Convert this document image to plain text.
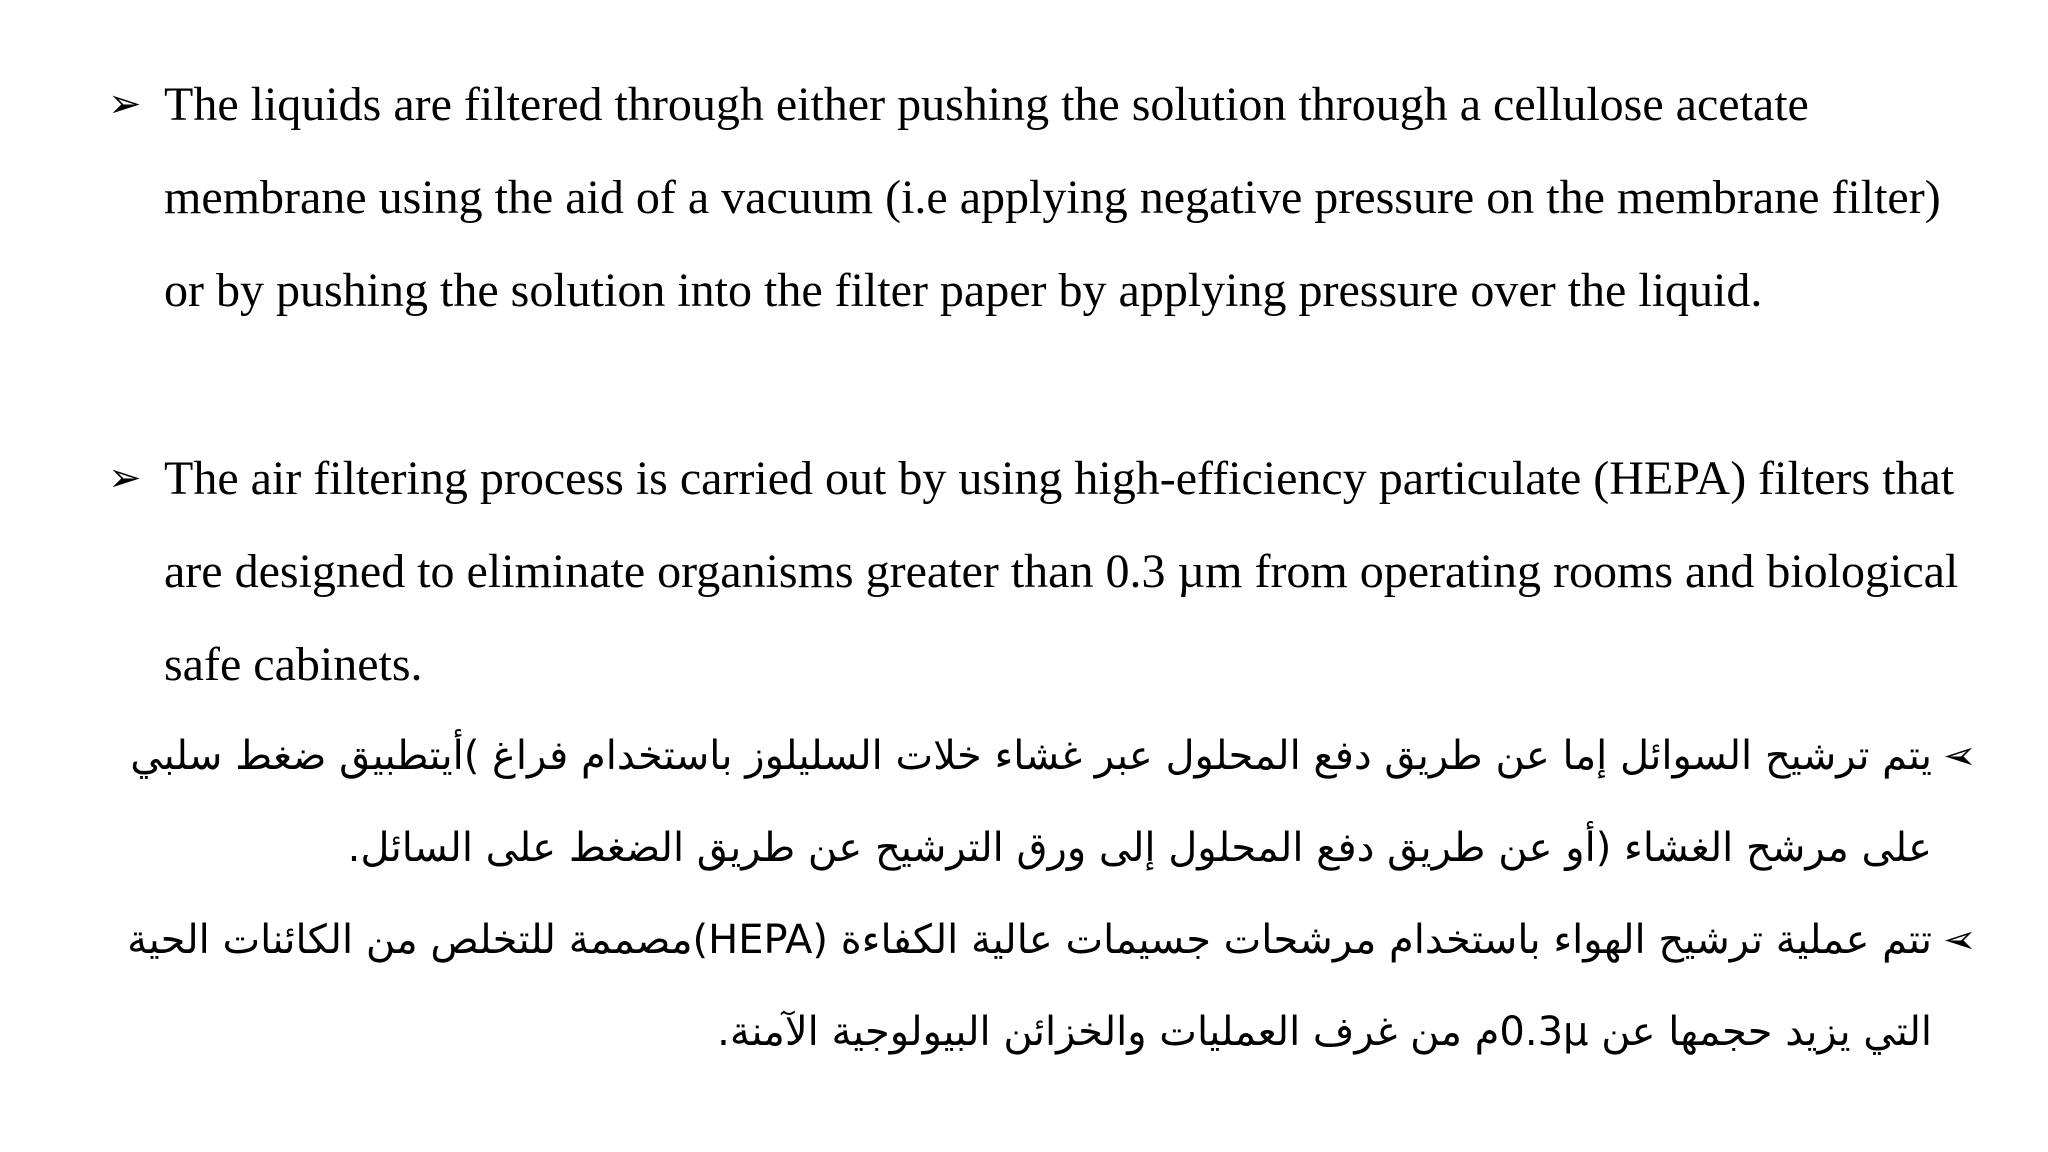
➢ The liquids are filtered through either pushing the solution through a cellulose acetate membrane using the aid of a vacuum (i.e applying negative pressure on the membrane filter) or by pushing the solution into the filter paper by applying pressure over the liquid.
➢ The air filtering process is carried out by using high-efficiency particulate (HEPA) filters that are designed to eliminate organisms greater than 0.3 µm from operating rooms and biological safe cabinets.
➢
يتم ترشيح السوائل إما عن طريق دفع المحلول عبر غشاء خلات السليلوز باستخدام فراغ )أيتطبيق ضغط سلبي على مرشح الغشاء (أو عن طريق دفع المحلول إلى ورق الترشيح عن طريق الضغط على السائل.
➢
تتم عملية ترشيح الهواء باستخدام مرشحات جسيمات عالية الكفاءة (HEPA)مصممة للتخلص من الكائنات الحية التي يزيد حجمها عن 0.3µم من غرف العمليات والخزائن البيولوجية الآمنة.
